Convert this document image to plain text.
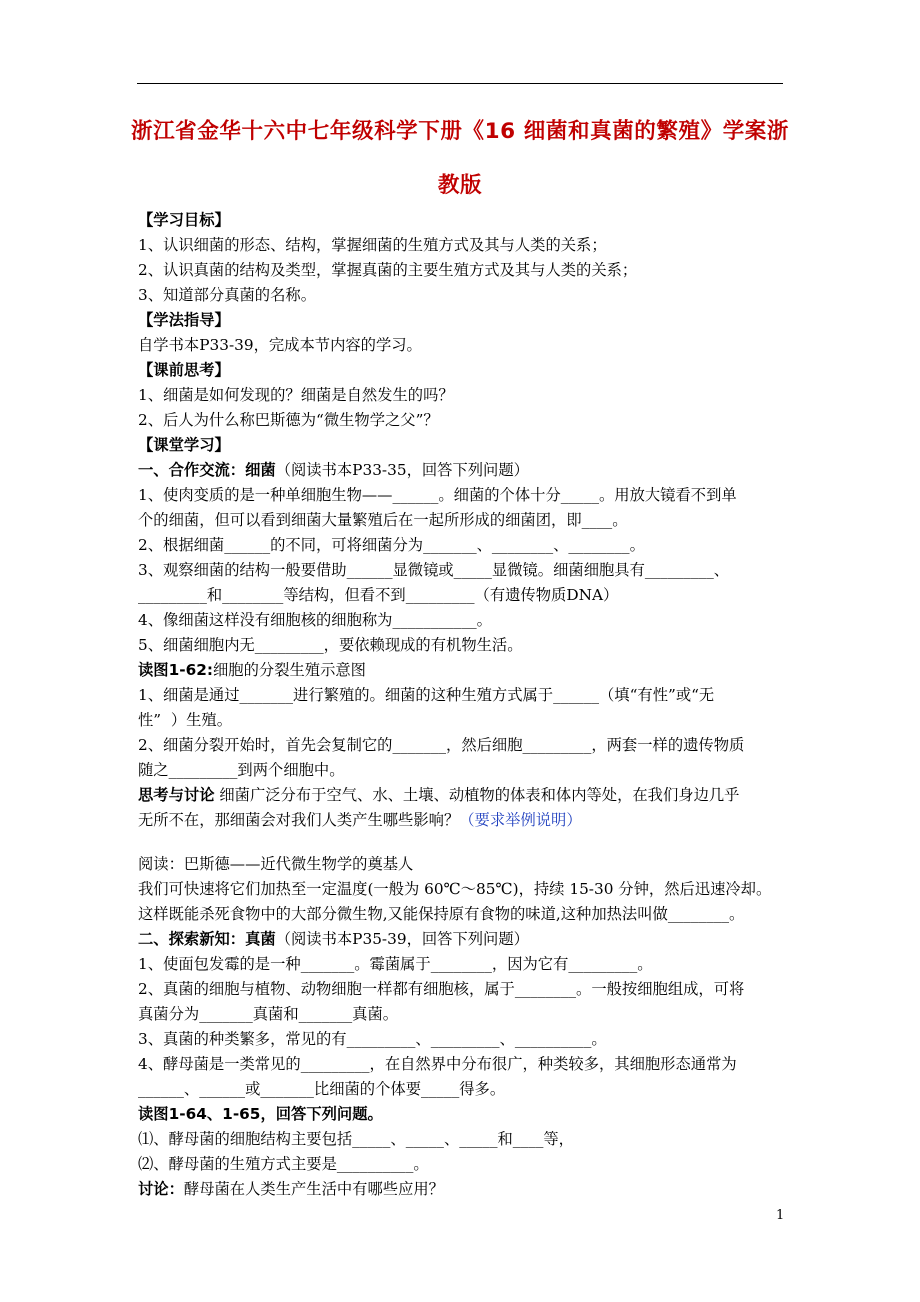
浙江省金华十六中七年级科学下册《16 细菌和真菌的繁殖》学案浙
教版
【学习目标】
1、认识细菌的形态、结构，掌握细菌的生殖方式及其与人类的关系；
2、认识真菌的结构及类型，掌握真菌的主要生殖方式及其与人类的关系；
3、知道部分真菌的名称。
【学法指导】
自学书本P33-39，完成本节内容的学习。
【课前思考】
1、细菌是如何发现的？细菌是自然发生的吗？
2、后人为什么称巴斯德为“微生物学之父”？
【课堂学习】
一、合作交流：细菌（阅读书本P33-35，回答下列问题）
1、使肉变质的是一种单细胞生物——______。细菌的个体十分_____。用放大镜看不到单
个的细菌，但可以看到细菌大量繁殖后在一起所形成的细菌团，即____。
2、根据细菌______的不同，可将细菌分为_______、________、________。
3、观察细菌的结构一般要借助______显微镜或_____显微镜。细菌细胞具有_________、
_________和________等结构，但看不到_________（有遗传物质DNA）
4、像细菌这样没有细胞核的细胞称为___________。
5、细菌细胞内无_________，要依赖现成的有机物生活。
读图1-62:细胞的分裂生殖示意图
1、细菌是通过_______进行繁殖的。细菌的这种生殖方式属于______（填“有性”或“无
性”  ）生殖。
2、细菌分裂开始时，首先会复制它的_______，然后细胞_________，两套一样的遗传物质
随之_________到两个细胞中。
思考与讨论 细菌广泛分布于空气、水、土壤、动植物的体表和体内等处，在我们身边几乎
无所不在，那细菌会对我们人类产生哪些影响？（要求举例说明）
阅读：巴斯德——近代微生物学的奠基人
我们可快速将它们加热至一定温度(一般为 60℃～85℃)，持续 15-30 分钟，然后迅速冷却。
这样既能杀死食物中的大部分微生物,又能保持原有食物的味道,这种加热法叫做________。
二、探索新知：真菌（阅读书本P35-39，回答下列问题）
1、使面包发霉的是一种_______。霉菌属于________，因为它有_________。
2、真菌的细胞与植物、动物细胞一样都有细胞核，属于________。一般按细胞组成，可将
真菌分为_______真菌和_______真菌。
3、真菌的种类繁多，常见的有_________、_________、__________。
4、酵母菌是一类常见的_________，在自然界中分布很广，种类较多，其细胞形态通常为
______、______或_______比细菌的个体要_____得多。
读图1-64、1-65，回答下列问题。
⑴、酵母菌的细胞结构主要包括_____、_____、_____和____等，
⑵、酵母菌的生殖方式主要是__________。
讨论：酵母菌在人类生产生活中有哪些应用？
1
